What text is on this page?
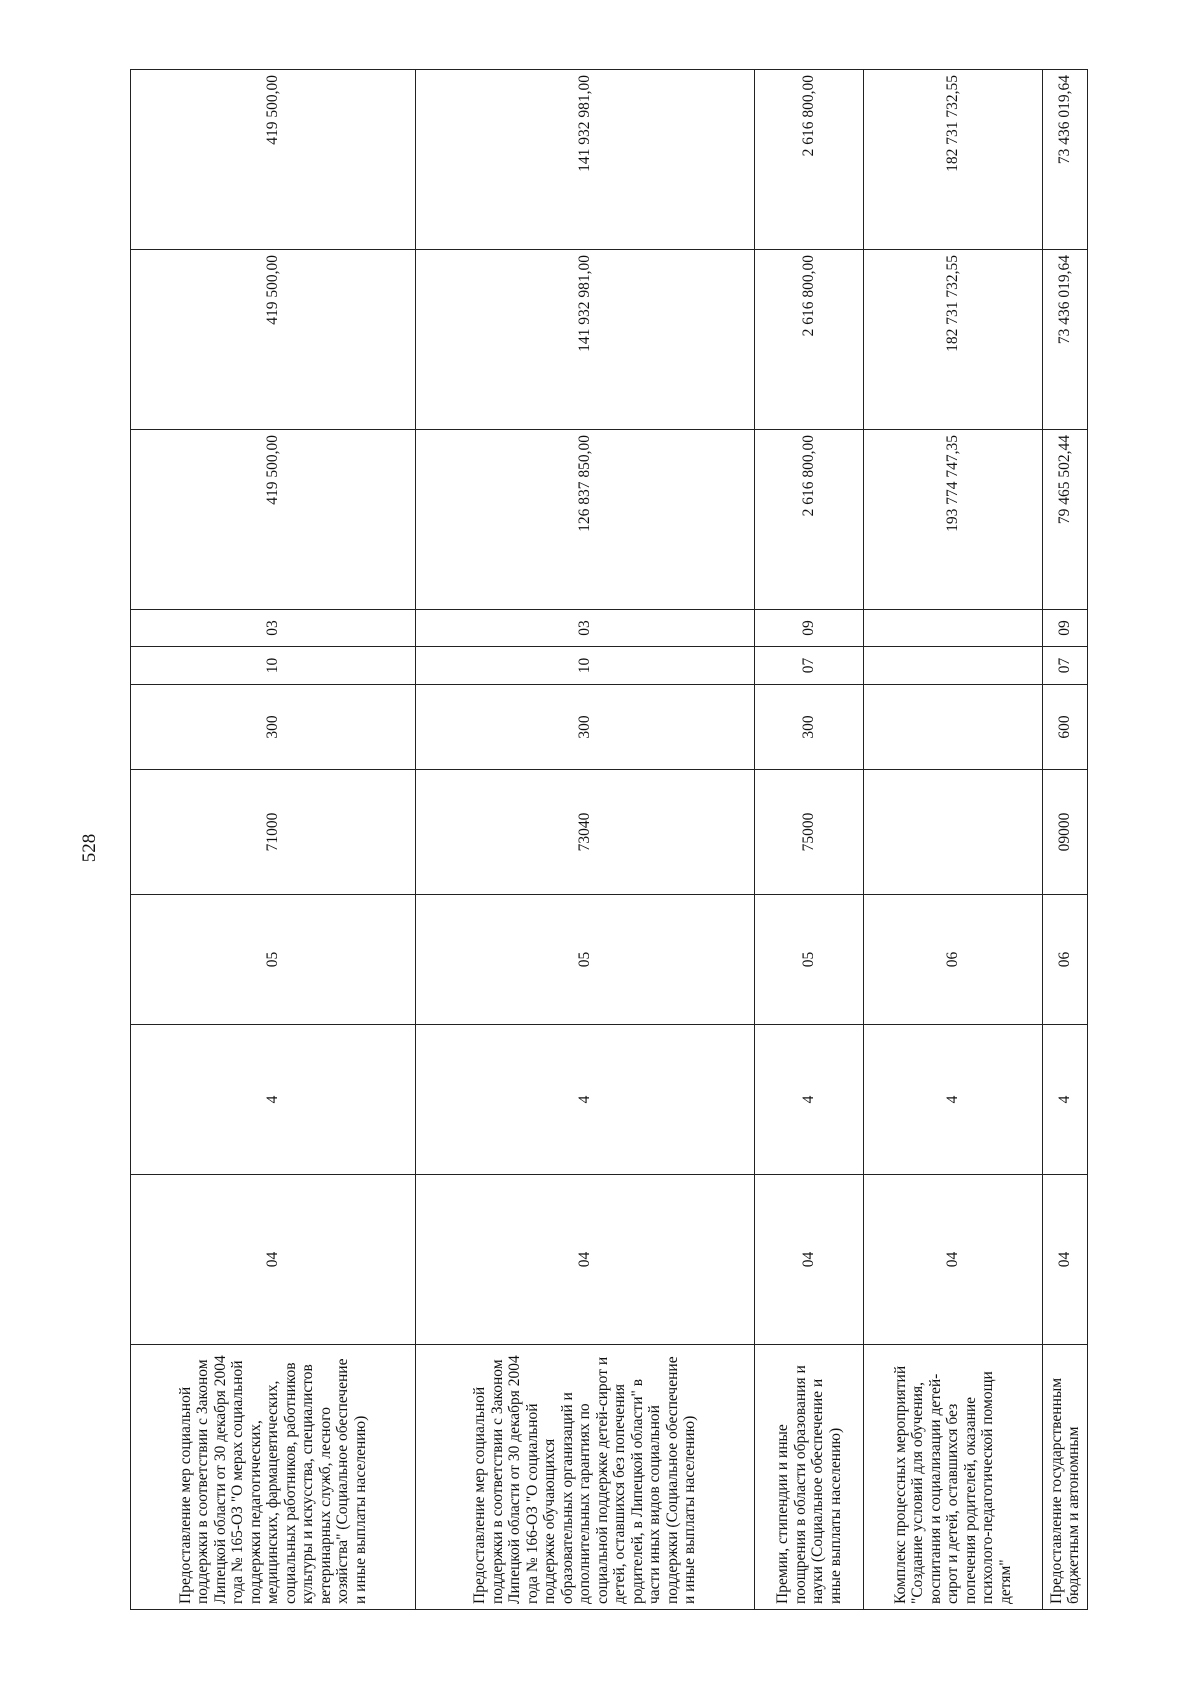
528
Предоставление мер социальной поддержки в соответствии с Законом Липецкой области от 30 декабря 2004 года № 165-ОЗ "О мерах социальной поддержки педагогических, медицинских, фармацевтических, социальных работников, работников культуры и искусства, специалистов ветеринарных служб, лесного хозяйства" (Социальное обеспечение и иные выплаты населению)	04	4	05	71000	300	10	03	419 500,00	419 500,00	419 500,00
Предоставление мер социальной поддержки в соответствии с Законом Липецкой области от 30 декабря 2004 года № 166-ОЗ "О социальной поддержке обучающихся образовательных организаций и дополнительных гарантиях по социальной поддержке детей-сирот и детей, оставшихся без попечения родителей, в Липецкой области" в части иных видов социальной поддержки (Социальное обеспечение и иные выплаты населению)	04	4	05	73040	300	10	03	126 837 850,00	141 932 981,00	141 932 981,00
Премии, стипендии и иные поощрения в области образования и науки (Социальное обеспечение и иные выплаты населению)	04	4	05	75000	300	07	09	2 616 800,00	2 616 800,00	2 616 800,00
Комплекс процессных мероприятий "Создание условий для обучения, воспитания и социализации детей-сирот и детей, оставшихся без попечения родителей, оказание психолого-педагогической помощи детям"	04	4	06					193 774 747,35	182 731 732,55	182 731 732,55
Предоставление государственным бюджетным и автономным	04	4	06	09000	600	07	09	79 465 502,44	73 436 019,64	73 436 019,64
